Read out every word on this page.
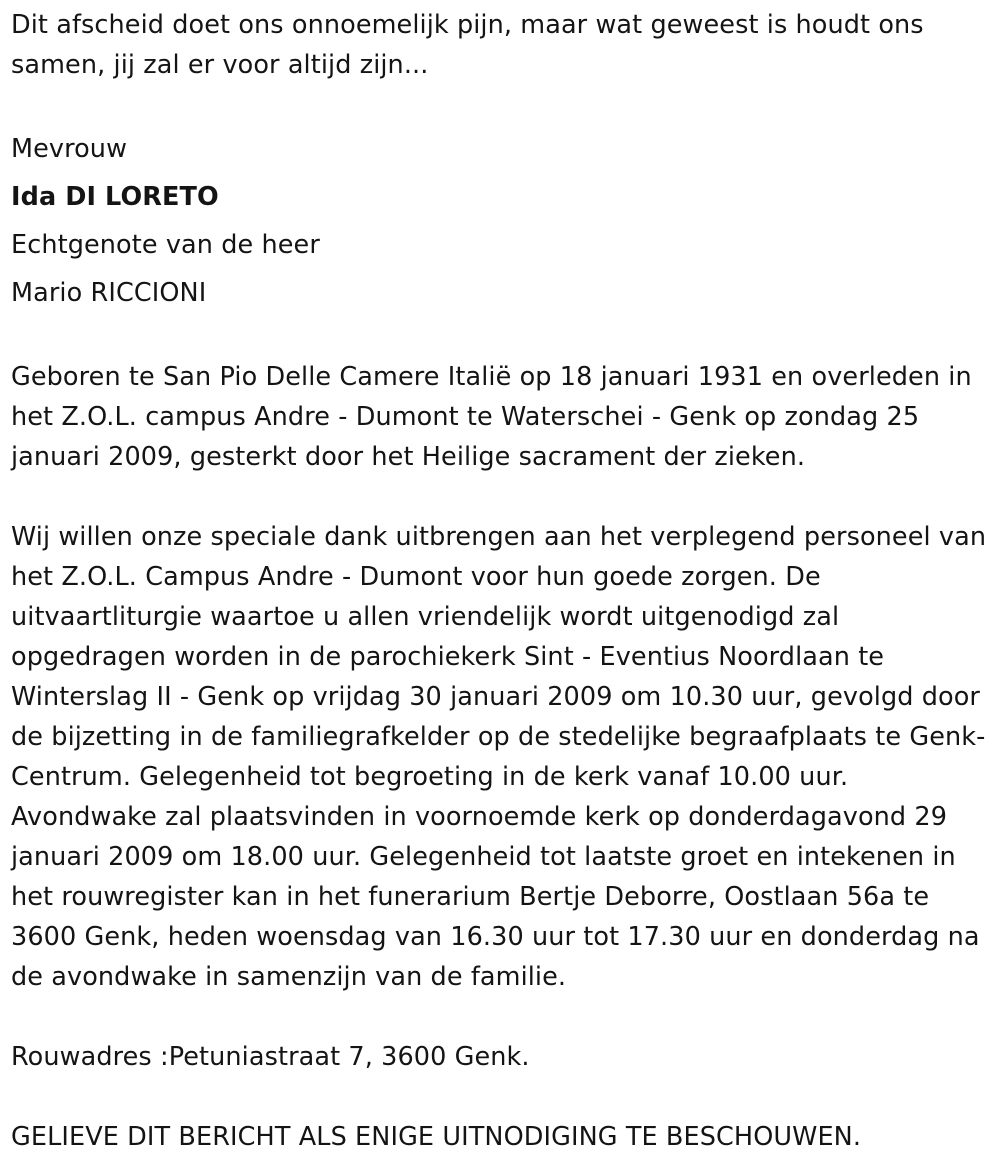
Dit afscheid doet ons onnoemelijk pijn, maar wat geweest is houdt ons samen, jij zal er voor altijd zijn...

Mevrouw

Ida DI LORETO

Echtgenote van de heer

Mario RICCIONI

Geboren te San Pio Delle Camere Italië op 18 januari 1931 en overleden in het Z.O.L. campus Andre - Dumont te Waterschei - Genk op zondag 25 januari 2009, gesterkt door het Heilige sacrament der zieken.

Wij willen onze speciale dank uitbrengen aan het verplegend personeel van het Z.O.L. Campus Andre - Dumont voor hun goede zorgen. De uitvaartliturgie waartoe u allen vriendelijk wordt uitgenodigd zal opgedragen worden in de parochiekerk Sint - Eventius Noordlaan te Winterslag II - Genk op vrijdag 30 januari 2009 om 10.30 uur, gevolgd door de bijzetting in de familiegrafkelder op de stedelijke begraafplaats te Genk-Centrum. Gelegenheid tot begroeting in de kerk vanaf 10.00 uur. Avondwake zal plaatsvinden in voornoemde kerk op donderdagavond 29 januari 2009 om 18.00 uur. Gelegenheid tot laatste groet en intekenen in het rouwregister kan in het funerarium Bertje Deborre, Oostlaan 56a te 3600 Genk, heden woensdag van 16.30 uur tot 17.30 uur en donderdag na de avondwake in samenzijn van de familie.

Rouwadres :Petuniastraat 7, 3600 Genk.

GELIEVE DIT BERICHT ALS ENIGE UITNODIGING TE BESCHOUWEN.
